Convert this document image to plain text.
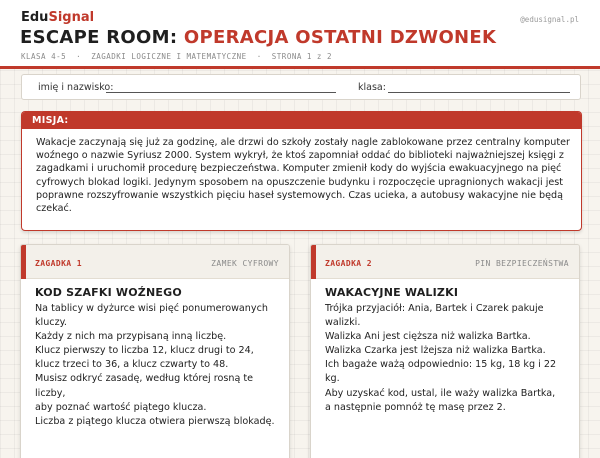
EduSignal	@edusignal.pl
ESCAPE ROOM: OPERACJA OSTATNI DZWONEK
KLASA 4-5  ·  ZAGADKI LOGICZNE I MATEMATYCZNE  ·  STRONA 1 z 2
imię i nazwisko:	klasa:
MISJA:
Wakacje zaczynają się już za godzinę, ale drzwi do szkoły zostały nagle zablokowane przez centralny komputer woźnego o nazwie Syriusz 2000. System wykrył, że ktoś zapomniał oddać do biblioteki najważniejszej księgi z zagadkami i uruchomił procedurę bezpieczeństwa. Komputer zmienił kody do wyjścia ewakuacyjnego na pięć cyfrowych blokad logiki. Jedynym sposobem na opuszczenie budynku i rozpoczęcie upragnionych wakacji jest poprawne rozszyfrowanie wszystkich pięciu haseł systemowych. Czas ucieka, a autobusy wakacyjne nie będą czekać.
ZAGADKA 1	ZAMEK CYFROWY
KOD SZAFKI WOŹNEGO
Na tablicy w dyżurce wisi pięć ponumerowanych kluczy.
Każdy z nich ma przypisaną inną liczbę.
Klucz pierwszy to liczba 12, klucz drugi to 24, klucz trzeci to 36, a klucz czwarty to 48.
Musisz odkryć zasadę, według której rosną te liczby,
aby poznać wartość piątego klucza.
Liczba z piątego klucza otwiera pierwszą blokadę.
ZAGADKA 2	PIN BEZPIECZEŃSTWA
WAKACYJNE WALIZKI
Trójka przyjaciół: Ania, Bartek i Czarek pakuje walizki.
Walizka Ani jest cięższa niż walizka Bartka.
Walizka Czarka jest lżejsza niż walizka Bartka.
Ich bagaże ważą odpowiednio: 15 kg, 18 kg i 22 kg.
Aby uzyskać kod, ustal, ile waży walizka Bartka,
a następnie pomnóż tę masę przez 2.
